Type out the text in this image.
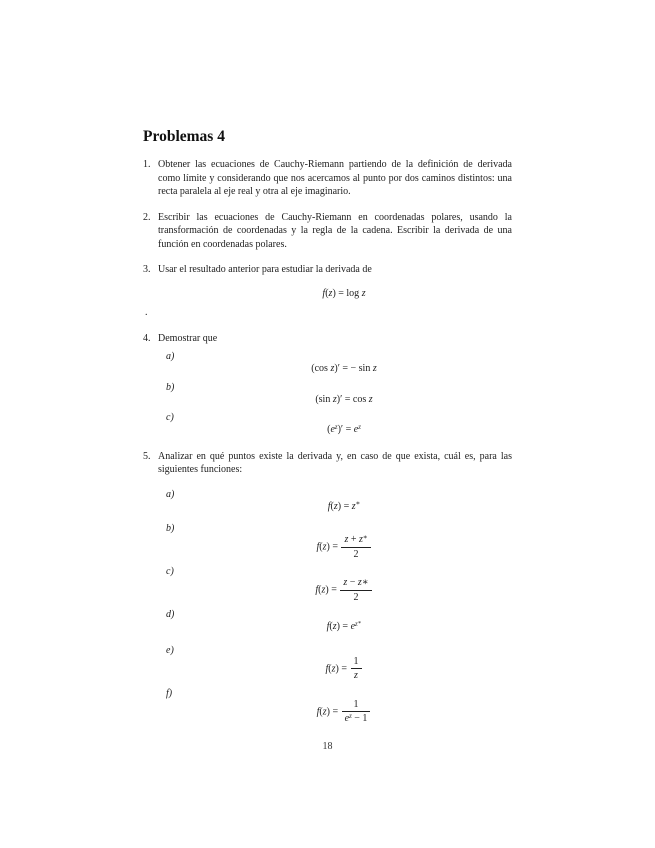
Problemas 4
1. Obtener las ecuaciones de Cauchy-Riemann partiendo de la definición de derivada como límite y considerando que nos acercamos al punto por dos caminos distintos: una recta paralela al eje real y otra al eje imaginario.
2. Escribir las ecuaciones de Cauchy-Riemann en coordenadas polares, usando la transformación de coordenadas y la regla de la cadena. Escribir la derivada de una función en coordenadas polares.
3. Usar el resultado anterior para estudiar la derivada de
f(z) = log z
.
4. Demostrar que
a)
(cos z)′ = − sin z
b)
(sin z)′ = cos z
c)
$(e^z)' = e^z$
5. Analizar en qué puntos existe la derivada y, en caso de que exista, cuál es, para las siguientes funciones:
a)
f(z) = z∗
b)
$f(z) = \frac{z + z^∗}{2}$
c)
$f(z) = \frac{z - z∗}{2}$
d)
$f(z) = e^{z∗}$
e)
$f(z) = \frac{1}{z}$
f)
$f(z) = \frac{1}{e^z - 1}$
18
